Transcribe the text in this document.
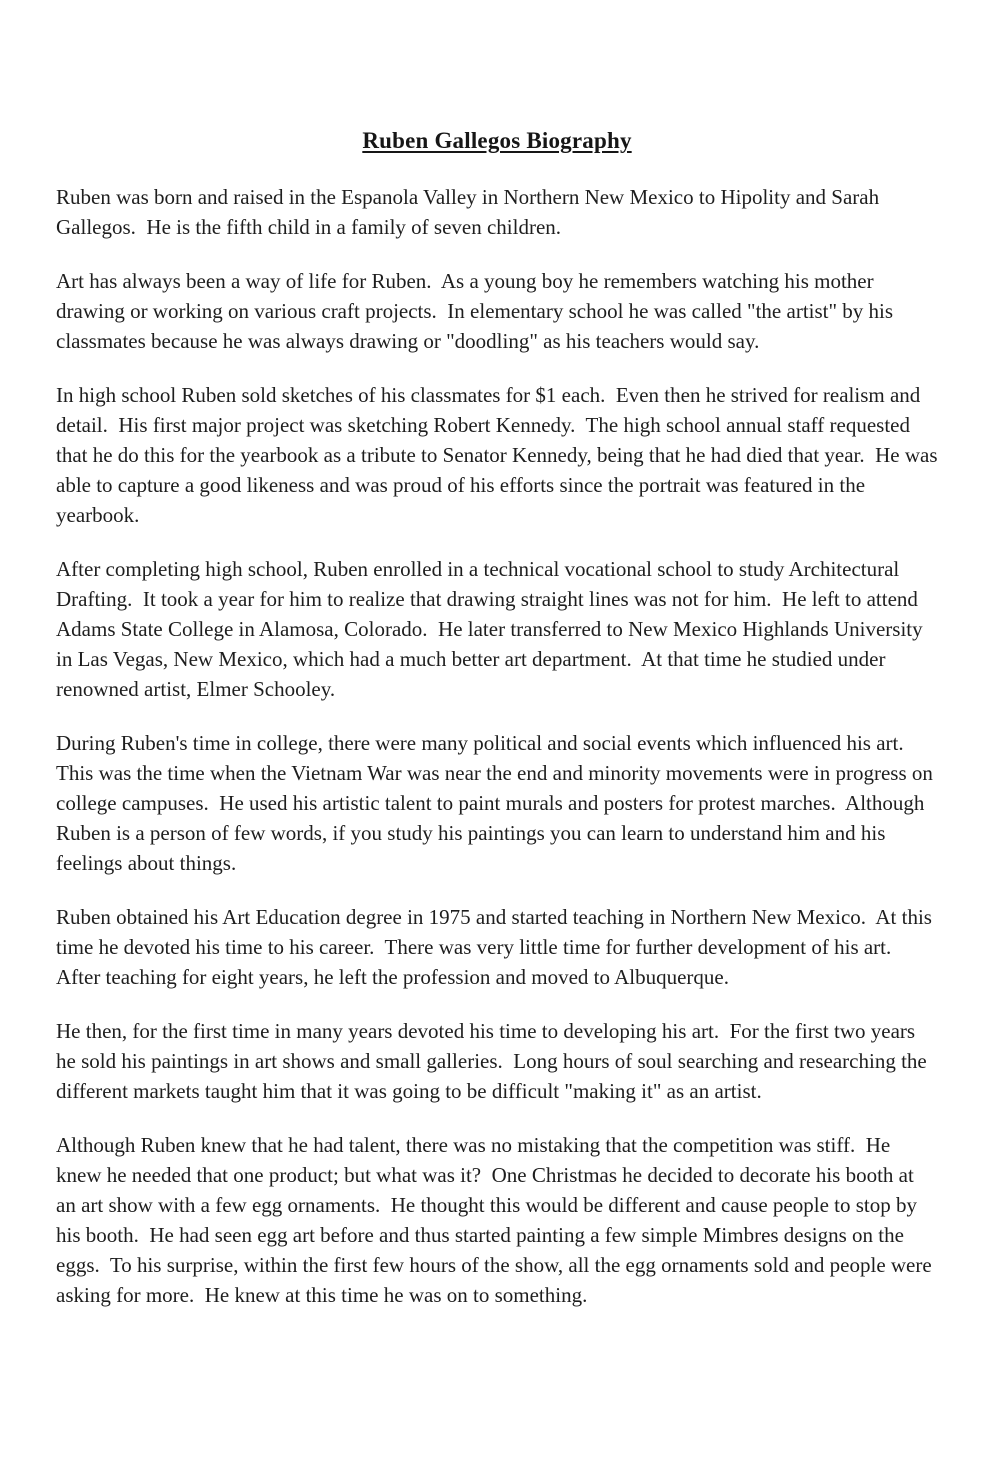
Ruben Gallegos Biography

Ruben was born and raised in the Espanola Valley in Northern New Mexico to Hipolity and Sarah Gallegos.  He is the fifth child in a family of seven children.

Art has always been a way of life for Ruben.  As a young boy he remembers watching his mother drawing or working on various craft projects.  In elementary school he was called "the artist" by his classmates because he was always drawing or "doodling" as his teachers would say.

In high school Ruben sold sketches of his classmates for $1 each.  Even then he strived for realism and detail.  His first major project was sketching Robert Kennedy.  The high school annual staff requested that he do this for the yearbook as a tribute to Senator Kennedy, being that he had died that year.  He was able to capture a good likeness and was proud of his efforts since the portrait was featured in the yearbook.

After completing high school, Ruben enrolled in a technical vocational school to study Architectural Drafting.  It took a year for him to realize that drawing straight lines was not for him.  He left to attend Adams State College in Alamosa, Colorado.  He later transferred to New Mexico Highlands University in Las Vegas, New Mexico, which had a much better art department.  At that time he studied under renowned artist, Elmer Schooley.

During Ruben's time in college, there were many political and social events which influenced his art.  This was the time when the Vietnam War was near the end and minority movements were in progress on college campuses.  He used his artistic talent to paint murals and posters for protest marches.  Although Ruben is a person of few words, if you study his paintings you can learn to understand him and his feelings about things.

Ruben obtained his Art Education degree in 1975 and started teaching in Northern New Mexico.  At this time he devoted his time to his career.  There was very little time for further development of his art.  After teaching for eight years, he left the profession and moved to Albuquerque.

He then, for the first time in many years devoted his time to developing his art.  For the first two years he sold his paintings in art shows and small galleries.  Long hours of soul searching and researching the different markets taught him that it was going to be difficult "making it" as an artist.

Although Ruben knew that he had talent, there was no mistaking that the competition was stiff.  He knew he needed that one product; but what was it?  One Christmas he decided to decorate his booth at an art show with a few egg ornaments.  He thought this would be different and cause people to stop by his booth.  He had seen egg art before and thus started painting a few simple Mimbres designs on the eggs.  To his surprise, within the first few hours of the show, all the egg ornaments sold and people were asking for more.  He knew at this time he was on to something.
